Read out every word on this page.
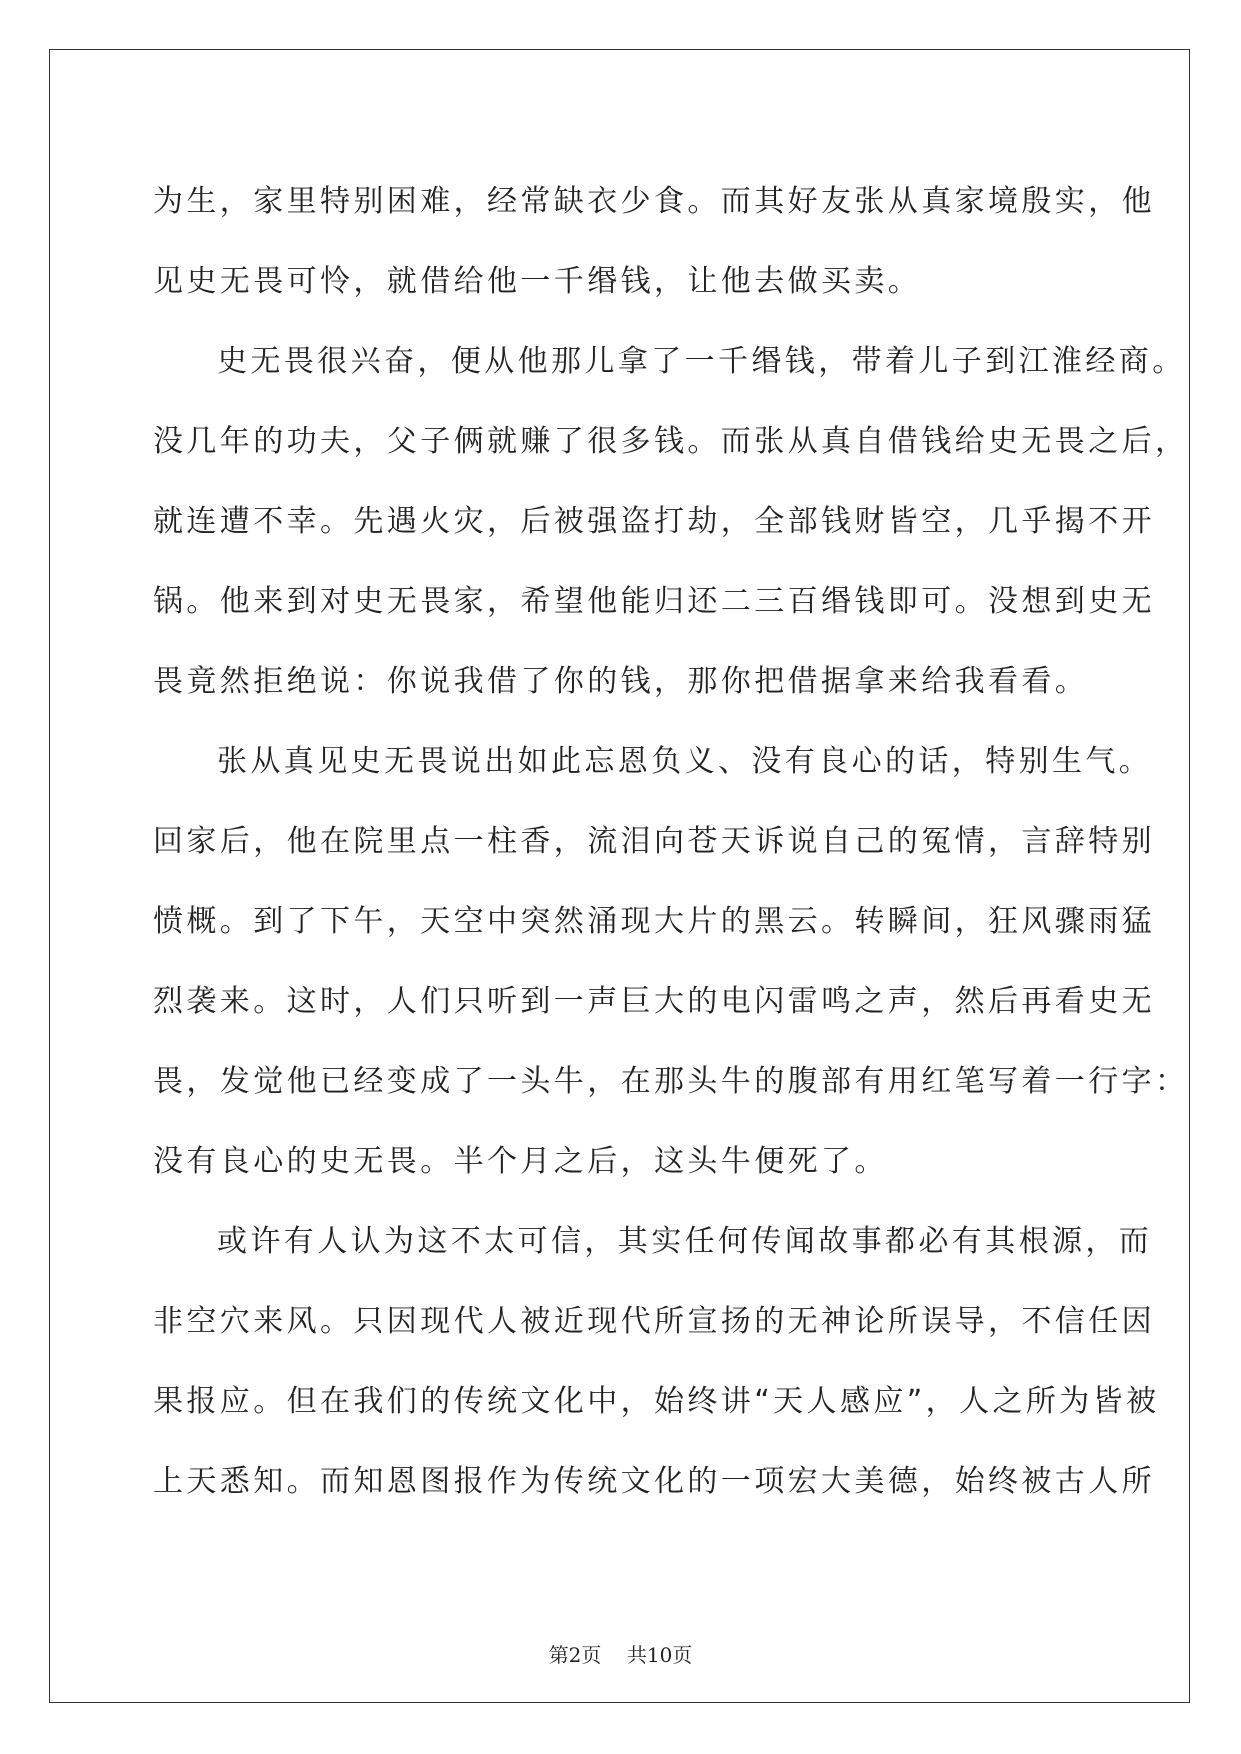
为生，家里特别困难，经常缺衣少食。而其好友张从真家境殷实，他
见史无畏可怜，就借给他一千缗钱，让他去做买卖。
史无畏很兴奋，便从他那儿拿了一千缗钱，带着儿子到江淮经商。
没几年的功夫，父子俩就赚了很多钱。而张从真自借钱给史无畏之后，
就连遭不幸。先遇火灾，后被强盗打劫，全部钱财皆空，几乎揭不开
锅。他来到对史无畏家，希望他能归还二三百缗钱即可。没想到史无
畏竟然拒绝说：你说我借了你的钱，那你把借据拿来给我看看。
张从真见史无畏说出如此忘恩负义、没有良心的话，特别生气。
回家后，他在院里点一柱香，流泪向苍天诉说自己的冤情，言辞特别
愤概。到了下午，天空中突然涌现大片的黑云。转瞬间，狂风骤雨猛
烈袭来。这时，人们只听到一声巨大的电闪雷鸣之声，然后再看史无
畏，发觉他已经变成了一头牛，在那头牛的腹部有用红笔写着一行字：
没有良心的史无畏。半个月之后，这头牛便死了。
或许有人认为这不太可信，其实任何传闻故事都必有其根源，而
非空穴来风。只因现代人被近现代所宣扬的无神论所误导，不信任因
果报应。但在我们的传统文化中，始终讲“天人感应”，人之所为皆被
上天悉知。而知恩图报作为传统文化的一项宏大美德，始终被古人所
第2页    共10页
